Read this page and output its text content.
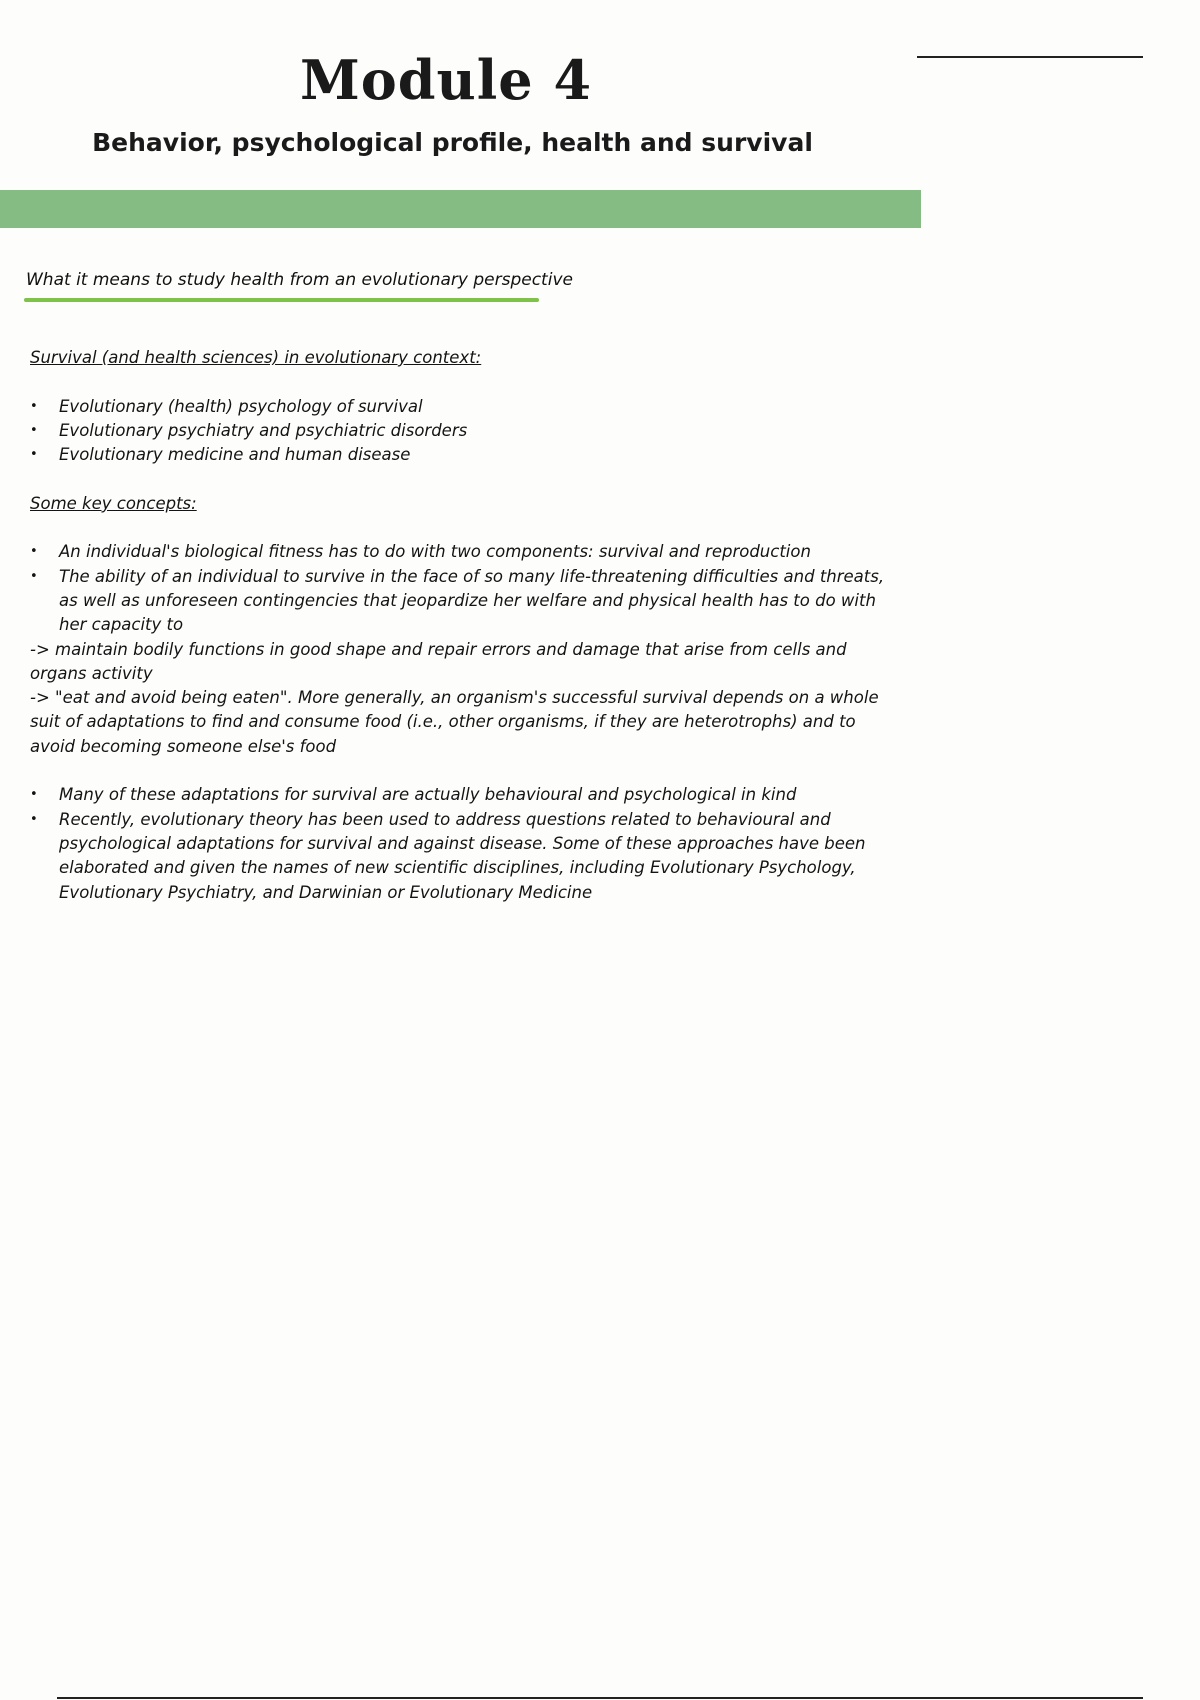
Module 4
Behavior, psychological profile, health and survival
What it means to study health from an evolutionary perspective

Survival (and health sciences) in evolutionary context:

• Evolutionary (health) psychology of survival
• Evolutionary psychiatry and psychiatric disorders
• Evolutionary medicine and human disease

Some key concepts:

• An individual's biological fitness has to do with two components: survival and reproduction
• The ability of an individual to survive in the face of so many life-threatening difficulties and threats, as well as unforeseen contingencies that jeopardize her welfare and physical health has to do with her capacity to

-> maintain bodily functions in good shape and repair errors and damage that arise from cells and organs activity

-> "eat and avoid being eaten". More generally, an organism's successful survival depends on a whole suit of adaptations to find and consume food (i.e., other organisms, if they are heterotrophs) and to avoid becoming someone else's food

• Many of these adaptations for survival are actually behavioural and psychological in kind
• Recently, evolutionary theory has been used to address questions related to behavioural and psychological adaptations for survival and against disease. Some of these approaches have been elaborated and given the names of new scientific disciplines, including Evolutionary Psychology, Evolutionary Psychiatry, and Darwinian or Evolutionary Medicine
